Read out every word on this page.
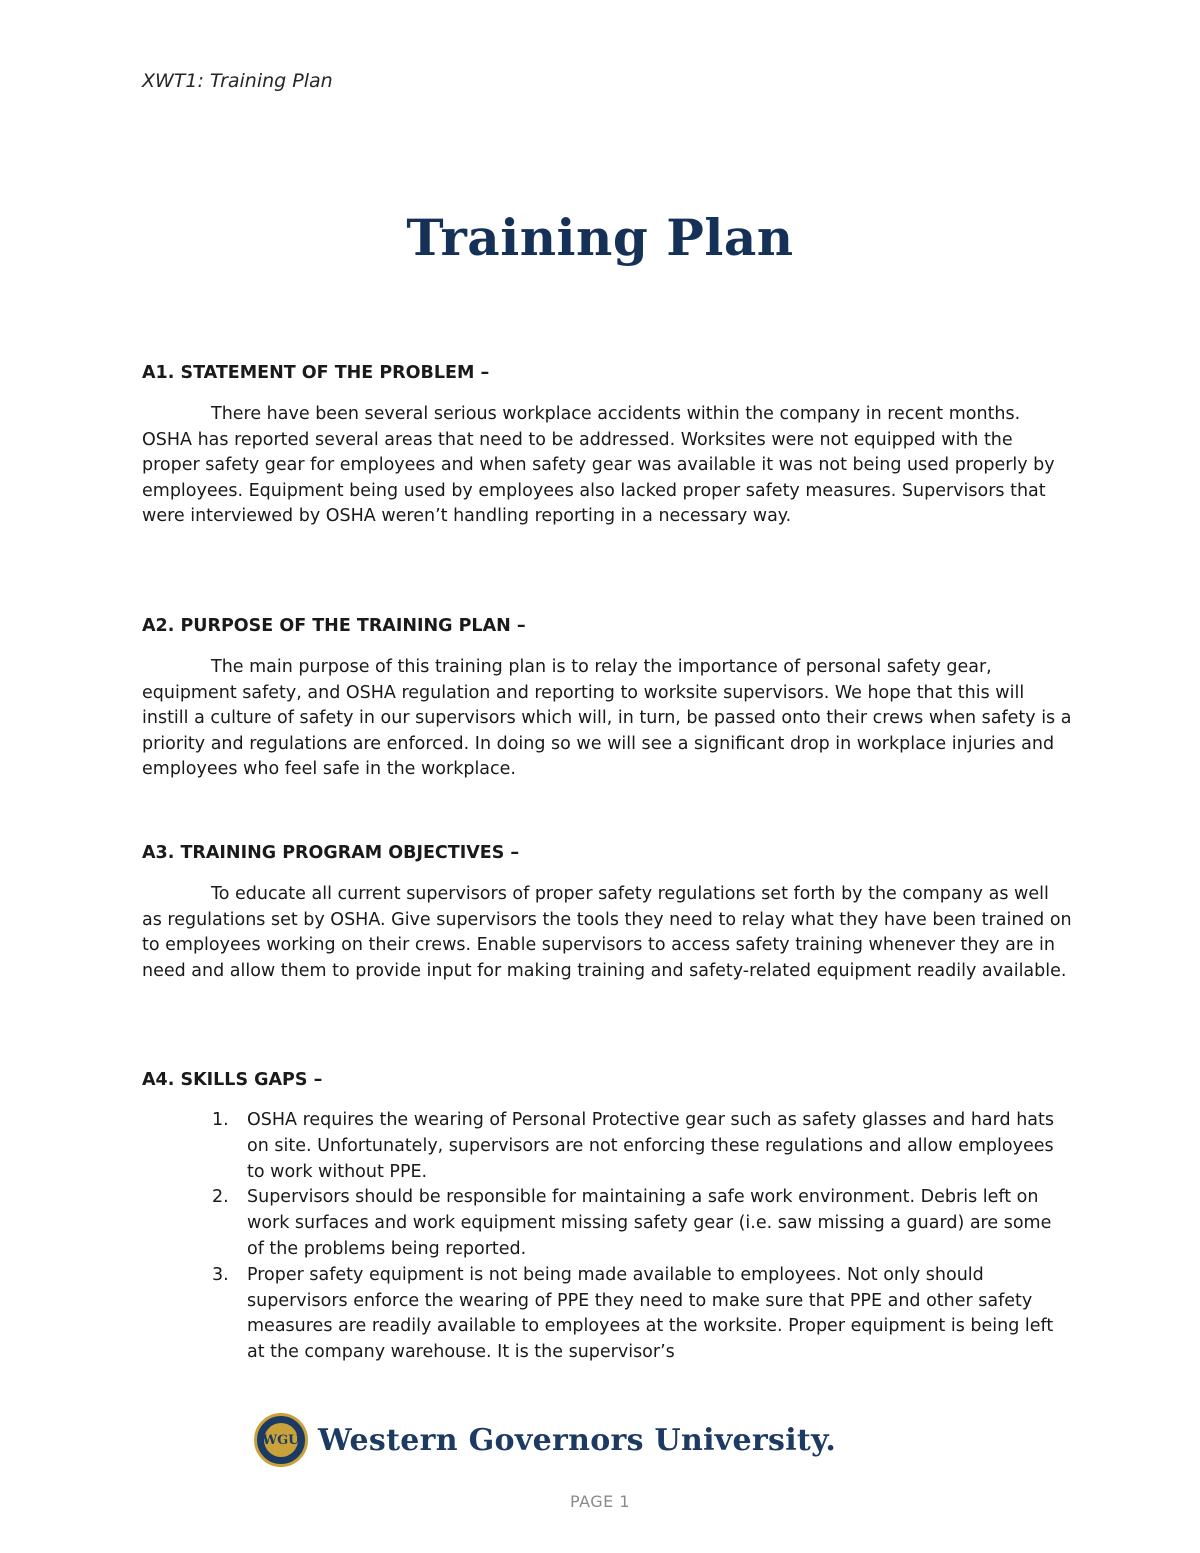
XWT1: Training Plan
Training Plan
A1. STATEMENT OF THE PROBLEM –

There have been several serious workplace accidents within the company in recent months. OSHA has reported several areas that need to be addressed. Worksites were not equipped with the proper safety gear for employees and when safety gear was available it was not being used properly by employees. Equipment being used by employees also lacked proper safety measures. Supervisors that were interviewed by OSHA weren’t handling reporting in a necessary way.

A2. PURPOSE OF THE TRAINING PLAN –

The main purpose of this training plan is to relay the importance of personal safety gear, equipment safety, and OSHA regulation and reporting to worksite supervisors. We hope that this will instill a culture of safety in our supervisors which will, in turn, be passed onto their crews when safety is a priority and regulations are enforced. In doing so we will see a significant drop in workplace injuries and employees who feel safe in the workplace.

A3. TRAINING PROGRAM OBJECTIVES –

To educate all current supervisors of proper safety regulations set forth by the company as well as regulations set by OSHA. Give supervisors the tools they need to relay what they have been trained on to employees working on their crews. Enable supervisors to access safety training whenever they are in need and allow them to provide input for making training and safety-related equipment readily available.

A4. SKILLS GAPS –
1. OSHA requires the wearing of Personal Protective gear such as safety glasses and hard hats on site. Unfortunately, supervisors are not enforcing these regulations and allow employees to work without PPE.
2. Supervisors should be responsible for maintaining a safe work environment. Debris left on work surfaces and work equipment missing safety gear (i.e. saw missing a guard) are some of the problems being reported.
3. Proper safety equipment is not being made available to employees. Not only should supervisors enforce the wearing of PPE they need to make sure that PPE and other safety measures are readily available to employees at the worksite. Proper equipment is being left at the company warehouse. It is the supervisor’s
WGU Western Governors University.
PAGE 1
